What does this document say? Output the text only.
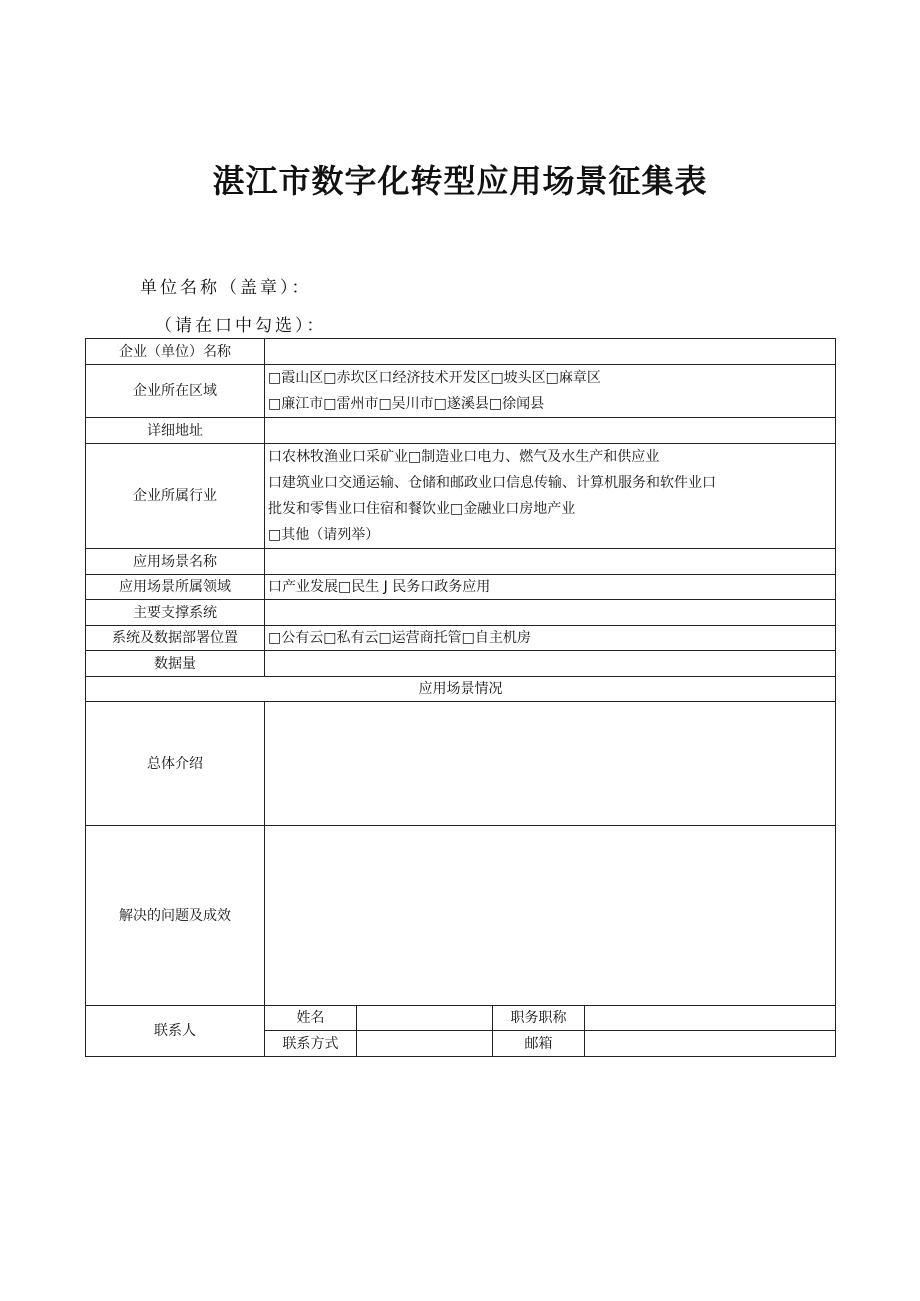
湛江市数字化转型应用场景征集表
单位名称（盖章）：
（请在口中勾选）：
企业（单位）名称				
企业所在区域	□霞山区□赤坎区口经济技术开发区□坡头区□麻章区
□廉江市□雷州市□吴川市□遂溪县□徐闻县			

详细地址				
企业所属行业	口农林牧渔业口采矿业□制造业口电力、燃气及水生产和供应业
口建筑业口交通运输、仓储和邮政业口信息传输、计算机服务和软件业口
批发和零售业口住宿和餐饮业□金融业口房地产业
□其他（请列举）			

应用场景名称				
应用场景所属领域	口产业发展□民生 J 民务口政务应用			
主要支撑系统				
系统及数据部署位置	□公有云□私有云□运营商托管□自主机房			
数据量				
应用场景情况				
总体介绍				
解决的问题及成效				
联系人	姓名		职务职称	
	联系方式		邮箱	
